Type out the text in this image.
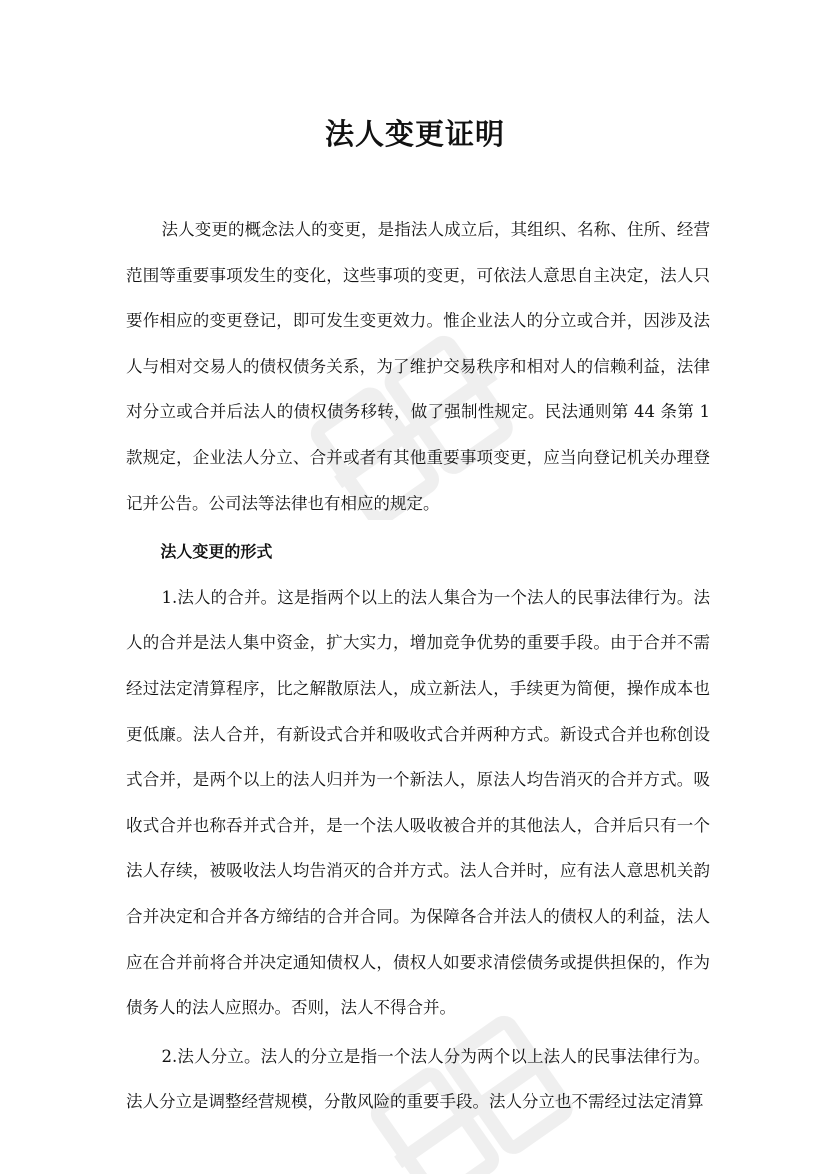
法人变更证明

法人变更的概念法人的变更，是指法人成立后，其组织、名称、住所、经营范围等重要事项发生的变化，这些事项的变更，可依法人意思自主决定，法人只要作相应的变更登记，即可发生变更效力。惟企业法人的分立或合并，因涉及法人与相对交易人的债权债务关系，为了维护交易秩序和相对人的信赖利益，法律对分立或合并后法人的债权债务移转，做了强制性规定。民法通则第 44 条第 1 款规定，企业法人分立、合并或者有其他重要事项变更，应当向登记机关办理登记并公告。公司法等法律也有相应的规定。

法人变更的形式

1.法人的合并。这是指两个以上的法人集合为一个法人的民事法律行为。法人的合并是法人集中资金，扩大实力，增加竞争优势的重要手段。由于合并不需经过法定清算程序，比之解散原法人，成立新法人，手续更为简便，操作成本也更低廉。法人合并，有新设式合并和吸收式合并两种方式。新设式合并也称创设式合并，是两个以上的法人归并为一个新法人，原法人均告消灭的合并方式。吸收式合并也称吞并式合并，是一个法人吸收被合并的其他法人，合并后只有一个法人存续，被吸收法人均告消灭的合并方式。法人合并时，应有法人意思机关韵合并决定和合并各方缔结的合并合同。为保障各合并法人的债权人的利益，法人应在合并前将合并决定通知债权人，债权人如要求清偿债务或提供担保的，作为债务人的法人应照办。否则，法人不得合并。

2.法人分立。法人的分立是指一个法人分为两个以上法人的民事法律行为。法人分立是调整经营规模，分散风险的重要手段。法人分立也不需经过法定清算
